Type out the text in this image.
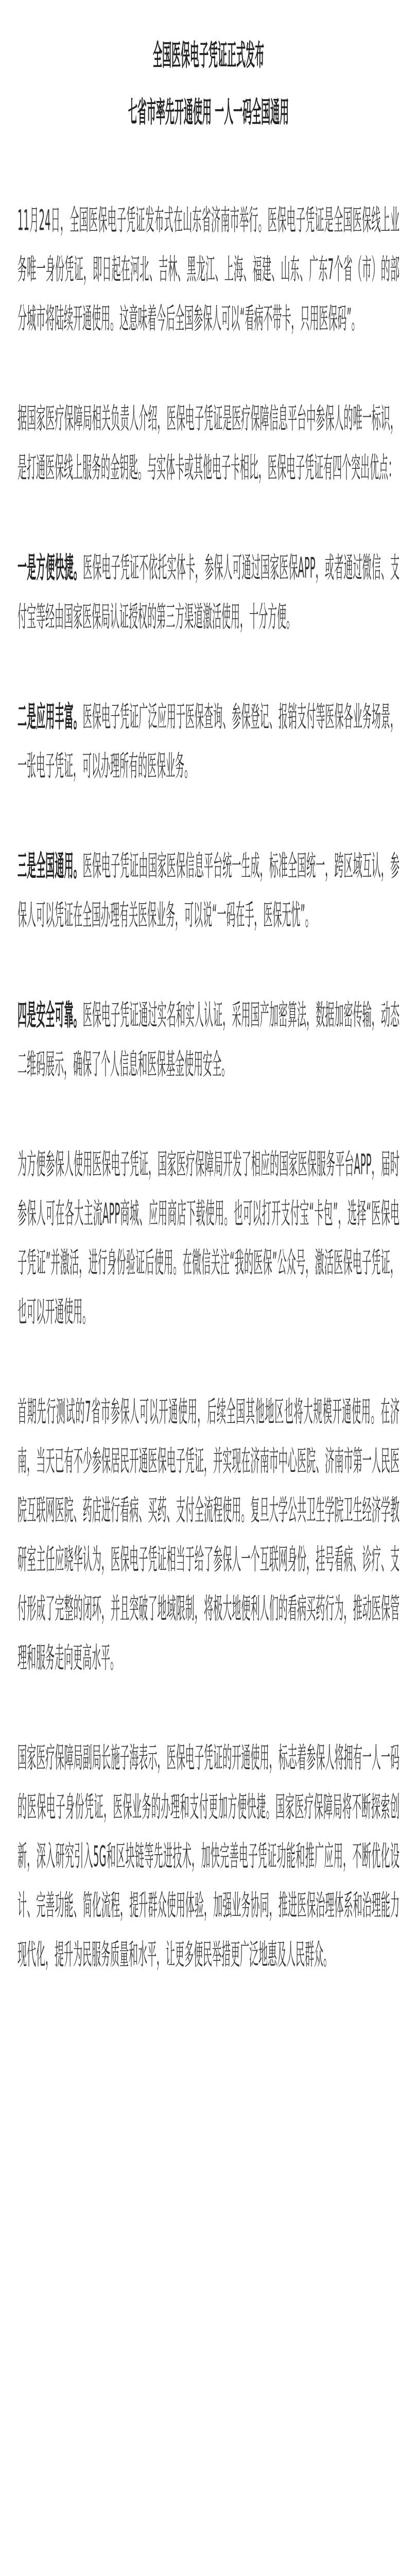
全国医保电子凭证正式发布

七省市率先开通使用 一人一码全国通用

11月24日，全国医保电子凭证发布式在山东省济南市举行。医保电子凭证是全国医保线上业务唯一身份凭证，即日起在河北、吉林、黑龙江、上海、福建、山东、广东7个省（市）的部分城市将陆续开通使用。这意味着今后全国参保人可以“看病不带卡，只用医保码”。

据国家医疗保障局相关负责人介绍，医保电子凭证是医疗保障信息平台中参保人的唯一标识，是打通医保线上服务的金钥匙。与实体卡或其他电子卡相比，医保电子凭证有四个突出优点：

一是方便快捷。医保电子凭证不依托实体卡，参保人可通过国家医保APP，或者通过微信、支付宝等经由国家医保局认证授权的第三方渠道激活使用，十分方便。

二是应用丰富。医保电子凭证广泛应用于医保查询、参保登记、报销支付等医保各业务场景，一张电子凭证，可以办理所有的医保业务。

三是全国通用。医保电子凭证由国家医保信息平台统一生成，标准全国统一，跨区域互认，参保人可以凭证在全国办理有关医保业务，可以说“一码在手，医保无忧”。

四是安全可靠。医保电子凭证通过实名和实人认证，采用国产加密算法，数据加密传输，动态二维码展示，确保了个人信息和医保基金使用安全。

为方便参保人使用医保电子凭证，国家医疗保障局开发了相应的国家医保服务平台APP，届时参保人可在各大主流APP商城、应用商店下载使用。也可以打开支付宝“卡包”，选择“医保电子凭证”并激活，进行身份验证后使用。在微信关注“我的医保”公众号，激活医保电子凭证，也可以开通使用。

首期先行测试的7省市参保人可以开通使用，后续全国其他地区也将大规模开通使用。在济南，当天已有不少参保居民开通医保电子凭证，并实现在济南市中心医院、济南市第一人民医院互联网医院、药店进行看病、买药、支付全流程使用。复旦大学公共卫生学院卫生经济学教研室主任应晓华认为，医保电子凭证相当于给了参保人一个互联网身份，挂号看病、诊疗、支付形成了完整的闭环，并且突破了地域限制，将极大地便利人们的看病买药行为，推动医保管理和服务走向更高水平。

国家医疗保障局副局长施子海表示，医保电子凭证的开通使用，标志着参保人将拥有一人一码的医保电子身份凭证，医保业务的办理和支付更加方便快捷。国家医疗保障局将不断探索创新，深入研究引入5G和区块链等先进技术，加快完善电子凭证功能和推广应用，不断优化设计、完善功能、简化流程，提升群众使用体验，加强业务协同，推进医保治理体系和治理能力现代化，提升为民服务质量和水平，让更多便民举措更广泛地惠及人民群众。
